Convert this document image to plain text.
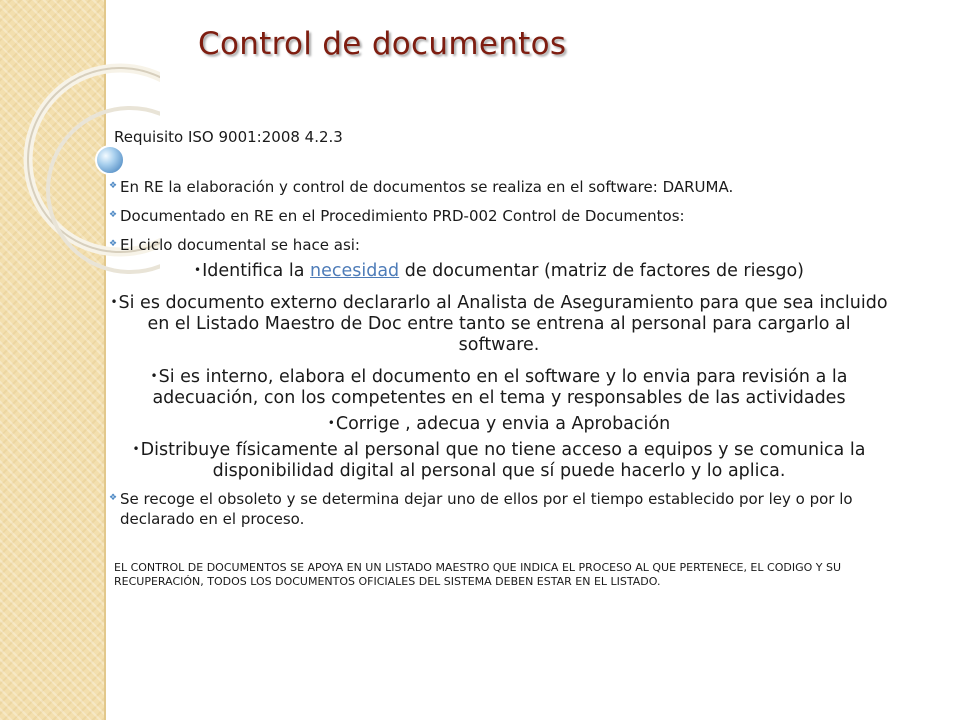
Control de documentos

Requisito ISO 9001:2008 4.2.3

❖ En RE la elaboración y control de documentos se realiza en el software: DARUMA.

❖ Documentado en RE en el Procedimiento PRD-002 Control de Documentos:

❖ El ciclo documental se hace asi:

•Identifica la necesidad de documentar (matriz de factores de riesgo)

•Si es documento externo declararlo al Analista de Aseguramiento para que sea incluido en el Listado Maestro de Doc entre tanto se entrena al personal para cargarlo al software.

•Si es interno, elabora el documento en el software y lo envia para revisión a la adecuación, con los competentes en el tema y responsables de las actividades

•Corrige , adecua y envia a Aprobación

•Distribuye físicamente al personal que no tiene acceso a equipos y se comunica la disponibilidad digital al personal que sí puede hacerlo y lo aplica.

❖ Se recoge el obsoleto y se determina dejar uno de ellos por el tiempo establecido por ley o por lo declarado en el proceso.

EL CONTROL DE DOCUMENTOS SE APOYA EN UN LISTADO MAESTRO QUE INDICA EL PROCESO AL QUE PERTENECE, EL CODIGO Y SU RECUPERACIÓN, TODOS LOS DOCUMENTOS OFICIALES DEL SISTEMA DEBEN ESTAR EN EL LISTADO.
